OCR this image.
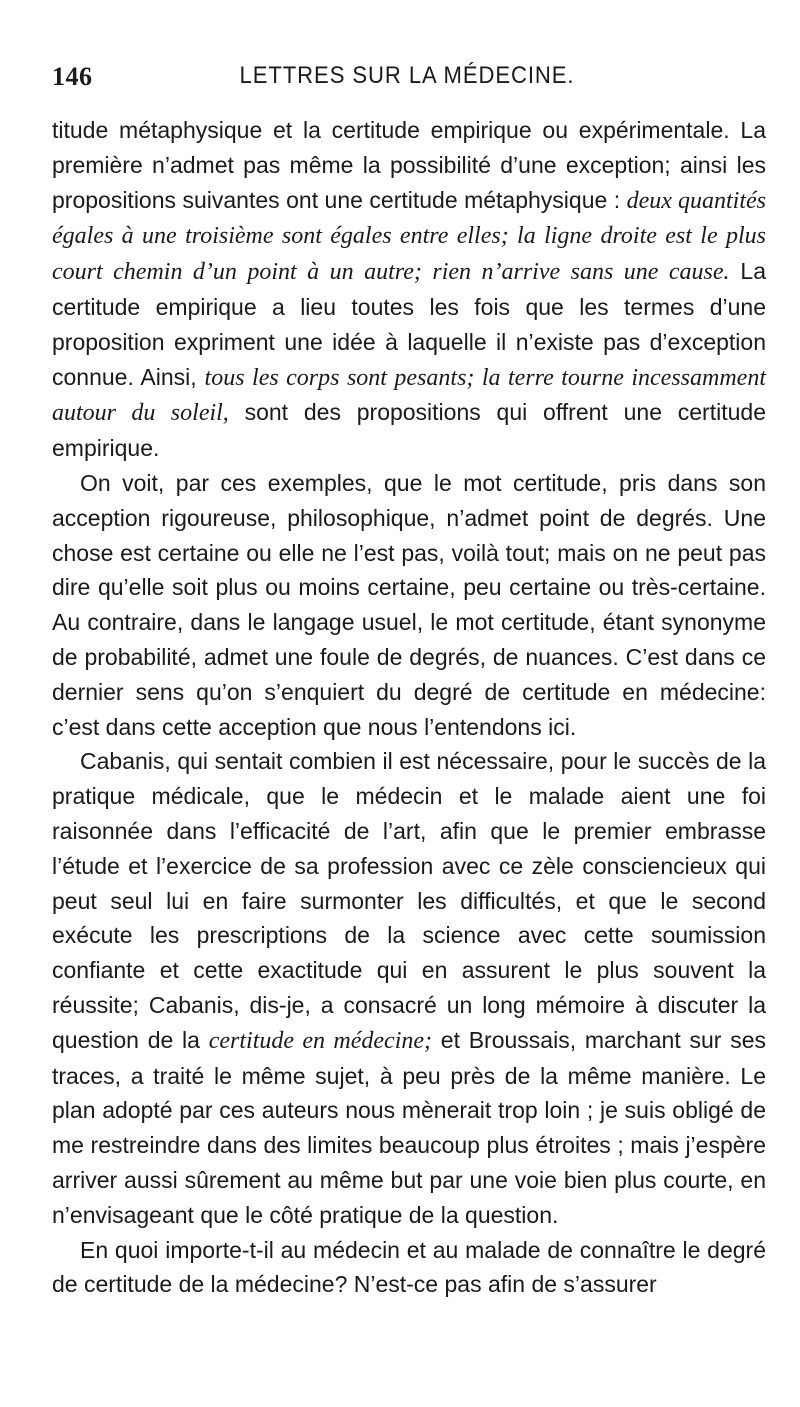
146	LETTRES SUR LA MÉDECINE.

titude métaphysique et la certitude empirique ou expérimentale. La première n’admet pas même la possibilité d’une exception; ainsi les propositions suivantes ont une certitude métaphysique : deux quantités égales à une troisième sont égales entre elles; la ligne droite est le plus court chemin d’un point à un autre; rien n’arrive sans une cause. La certitude empirique a lieu toutes les fois que les termes d’une proposition expriment une idée à laquelle il n’existe pas d’exception connue. Ainsi, tous les corps sont pesants; la terre tourne incessamment autour du soleil, sont des propositions qui offrent une certitude empirique.

On voit, par ces exemples, que le mot certitude, pris dans son acception rigoureuse, philosophique, n’admet point de degrés. Une chose est certaine ou elle ne l’est pas, voilà tout; mais on ne peut pas dire qu’elle soit plus ou moins certaine, peu certaine ou très-certaine. Au contraire, dans le langage usuel, le mot certitude, étant synonyme de probabilité, admet une foule de degrés, de nuances. C’est dans ce dernier sens qu’on s’enquiert du degré de certitude en médecine: c’est dans cette acception que nous l’entendons ici.

Cabanis, qui sentait combien il est nécessaire, pour le succès de la pratique médicale, que le médecin et le malade aient une foi raisonnée dans l’efficacité de l’art, afin que le premier embrasse l’étude et l’exercice de sa profession avec ce zèle consciencieux qui peut seul lui en faire surmonter les difficultés, et que le second exécute les prescriptions de la science avec cette soumission confiante et cette exactitude qui en assurent le plus souvent la réussite; Cabanis, dis-je, a consacré un long mémoire à discuter la question de la certitude en médecine; et Broussais, marchant sur ses traces, a traité le même sujet, à peu près de la même manière. Le plan adopté par ces auteurs nous mènerait trop loin ; je suis obligé de me restreindre dans des limites beaucoup plus étroites ; mais j’espère arriver aussi sûrement au même but par une voie bien plus courte, en n’envisageant que le côté pratique de la question.

En quoi importe-t-il au médecin et au malade de connaître le degré de certitude de la médecine? N’est-ce pas afin de s’assurer
